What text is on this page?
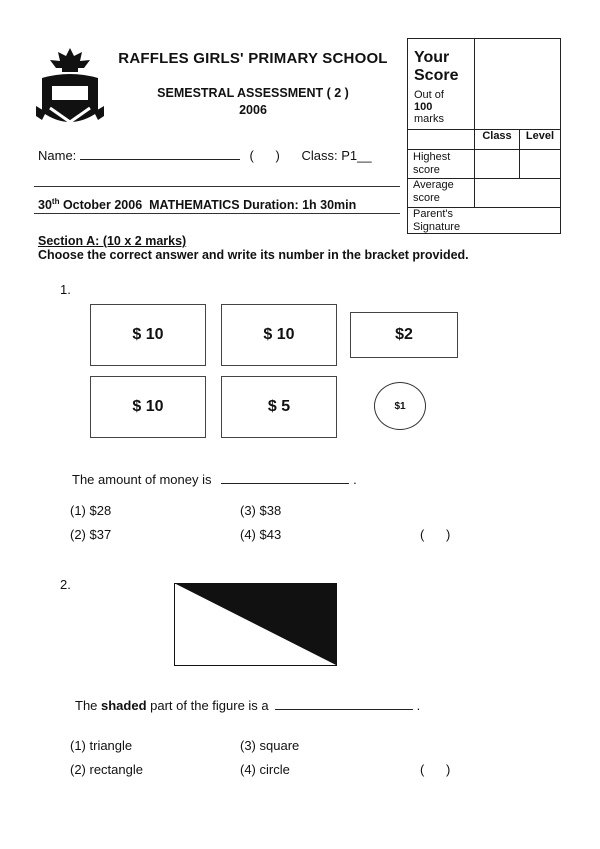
RAFFLES GIRLS' PRIMARY SCHOOL
SEMESTRAL ASSESSMENT ( 2 )
2006
Name:	(      ) Class: P1__
30th October 2006  MATHEMATICS Duration: 1h 30min
Your
Score
Out of
100
marks
Class	Level
Highest score
Average score
Parent's Signature
Section A: (10 x 2 marks)
Choose the correct answer and write its number in the bracket provided.
1.
$ 10	$ 10	$2
$ 10	$ 5	$1
The amount of money is	.
(1) $28	(3) $38
(2) $37	(4) $43	(      )
2.
The shaded part of the figure is a	.
(1) triangle	(3) square
(2) rectangle	(4) circle	(      )
